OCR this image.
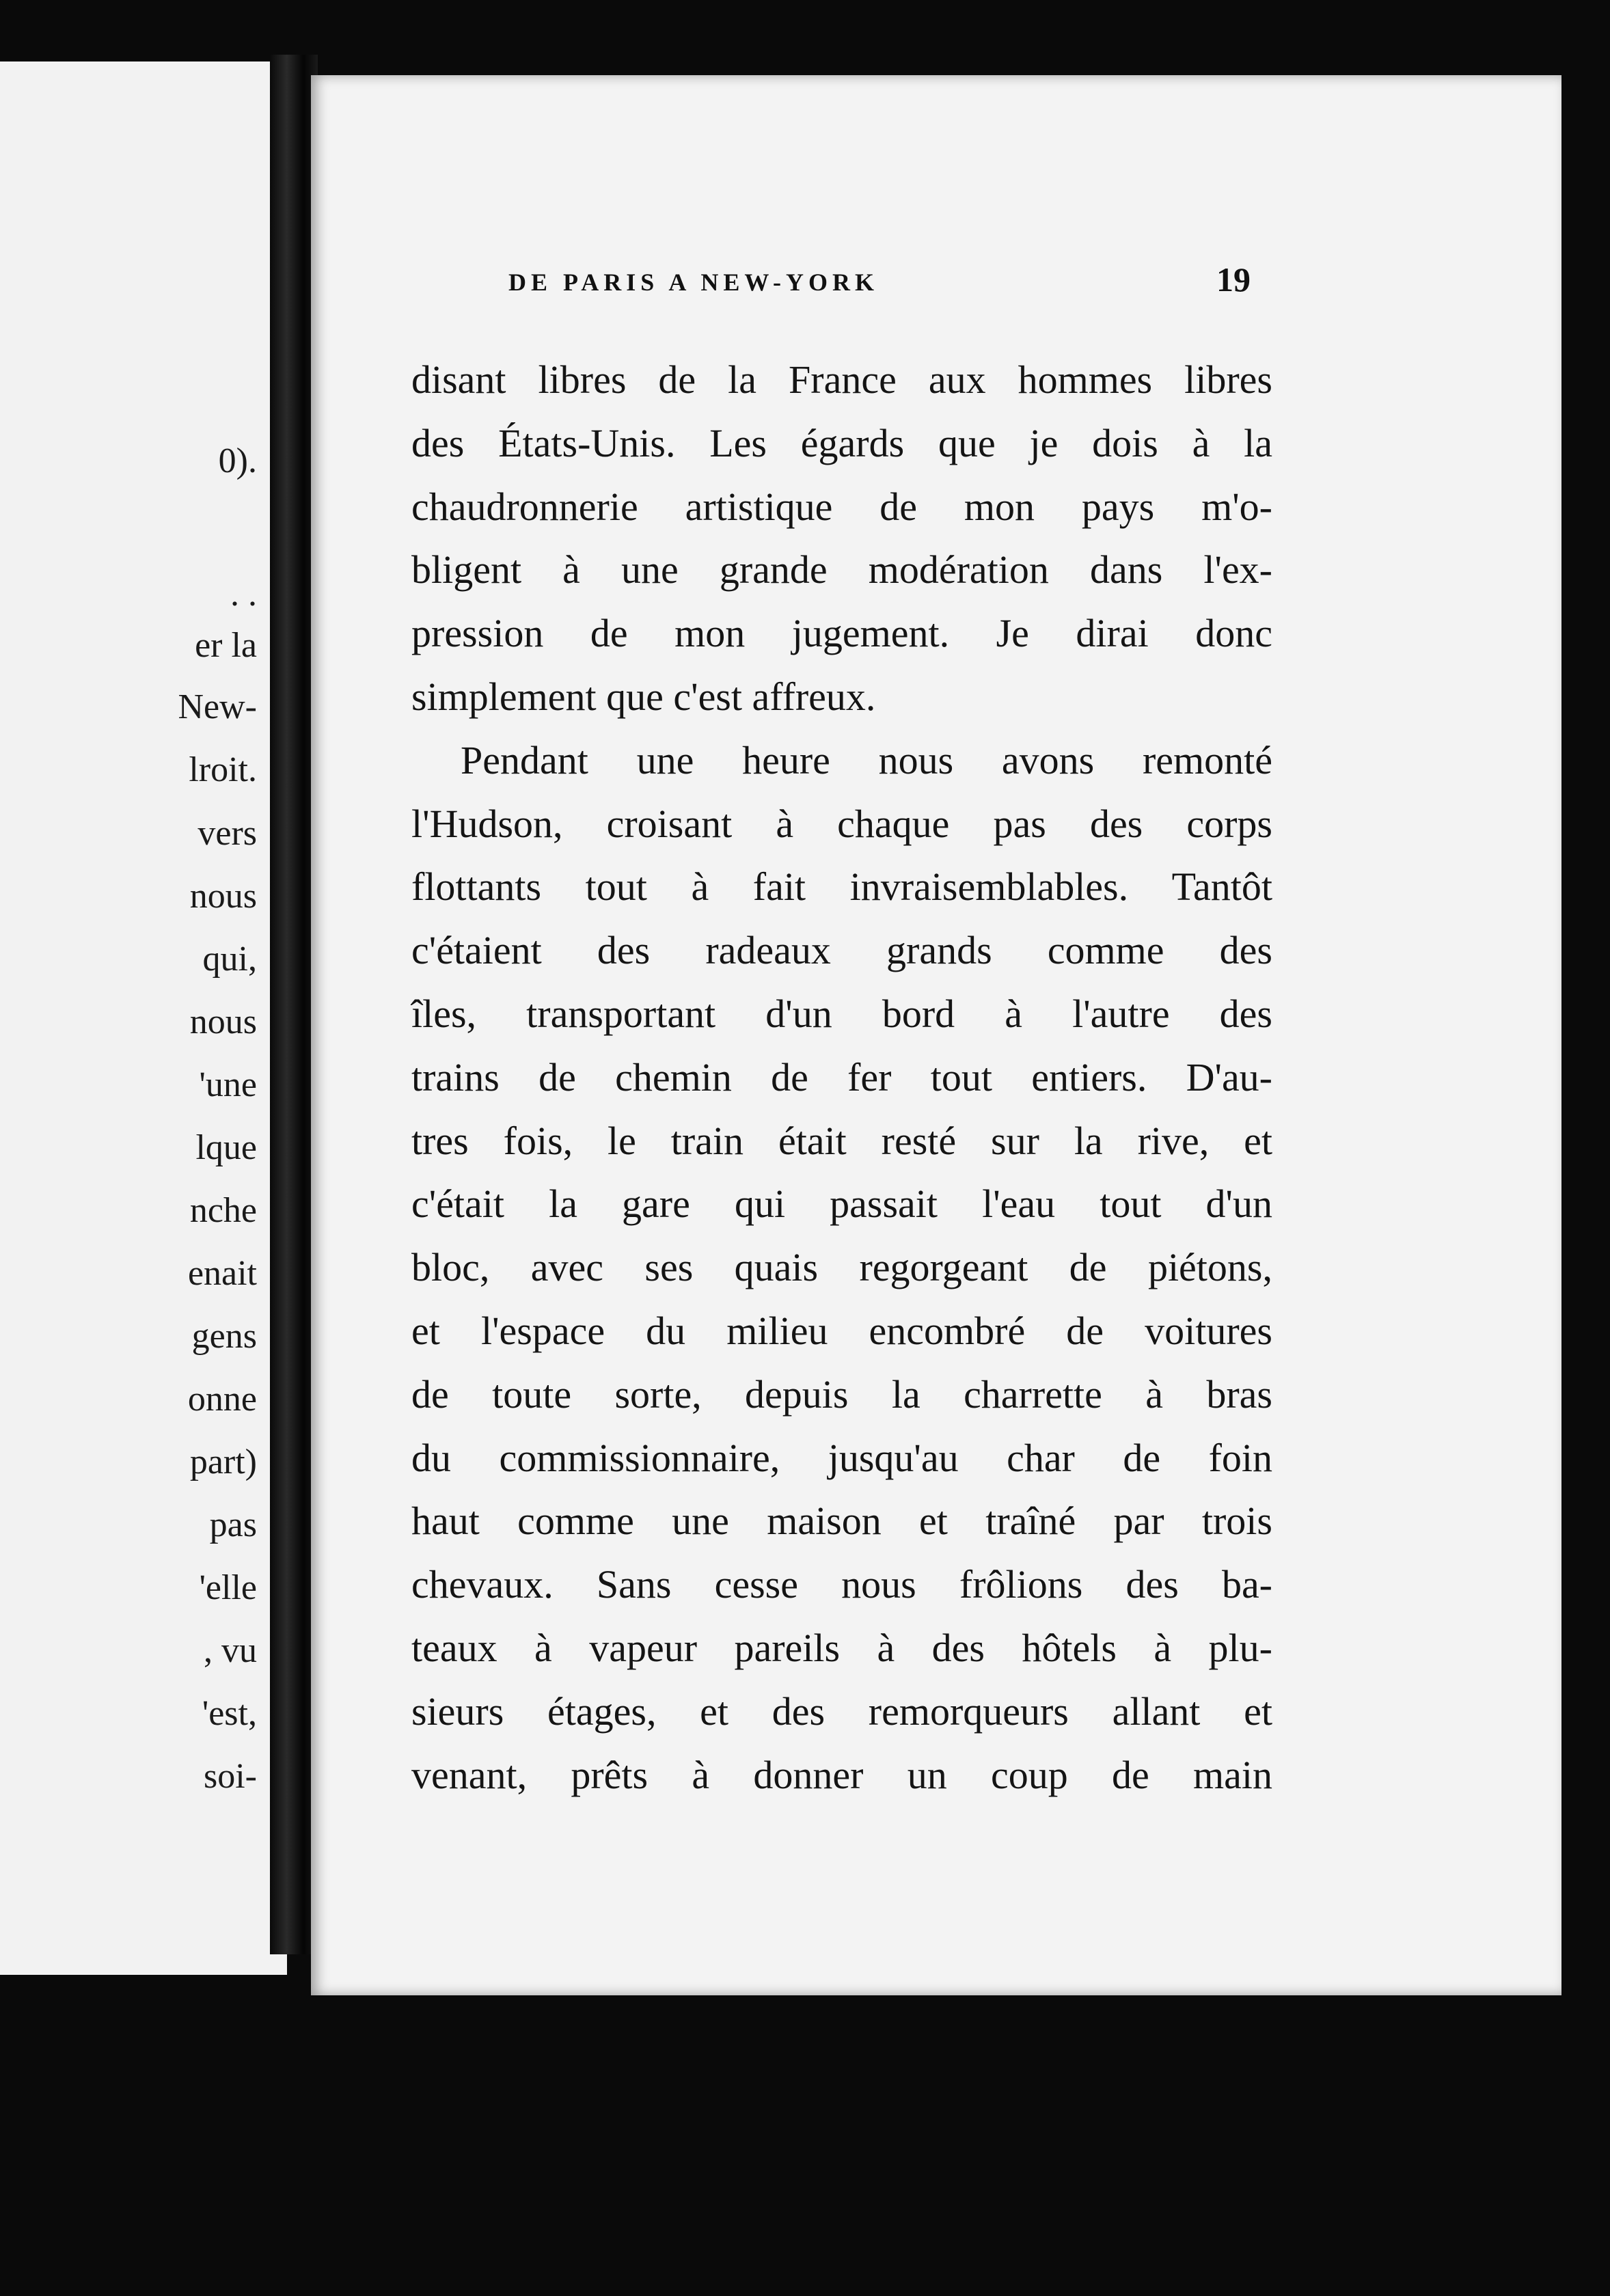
0).
. .
er la
New-
lroit.
vers
nous
qui,
nous
'une
lque
nche
enait
gens
onne
part)
pas
'elle
, vu
'est,
soi-
DE PARIS A NEW-YORK	19
disant libres de la France aux hommes libres
des États-Unis. Les égards que je dois à la
chaudronnerie artistique de mon pays m'o-
bligent à une grande modération dans l'ex-
pression de mon jugement. Je dirai donc
simplement que c'est affreux.
Pendant une heure nous avons remonté
l'Hudson, croisant à chaque pas des corps
flottants tout à fait invraisemblables. Tantôt
c'étaient des radeaux grands comme des
îles, transportant d'un bord à l'autre des
trains de chemin de fer tout entiers. D'au-
tres fois, le train était resté sur la rive, et
c'était la gare qui passait l'eau tout d'un
bloc, avec ses quais regorgeant de piétons,
et l'espace du milieu encombré de voitures
de toute sorte, depuis la charrette à bras
du commissionnaire, jusqu'au char de foin
haut comme une maison et traîné par trois
chevaux. Sans cesse nous frôlions des ba-
teaux à vapeur pareils à des hôtels à plu-
sieurs étages, et des remorqueurs allant et
venant, prêts à donner un coup de main
